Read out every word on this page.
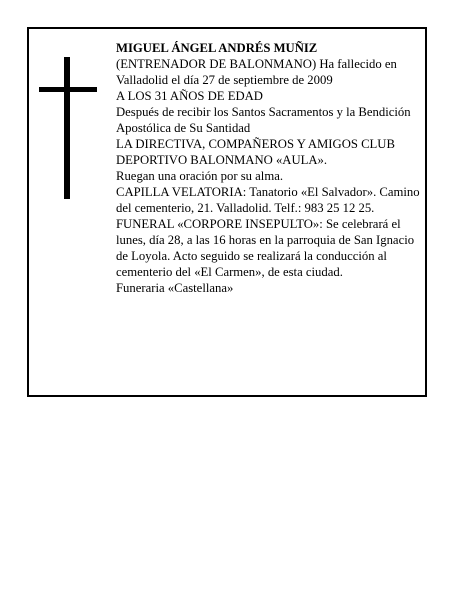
MIGUEL ÁNGEL ANDRÉS MUÑIZ

(ENTRENADOR DE BALONMANO) Ha fallecido en Valladolid el día 27 de septiembre de 2009

A LOS 31 AÑOS DE EDAD

Después de recibir los Santos Sacramentos y la Bendición Apostólica de Su Santidad

LA DIRECTIVA, COMPAÑEROS Y AMIGOS CLUB DEPORTIVO BALONMANO «AULA».

Ruegan una oración por su alma.

CAPILLA VELATORIA: Tanatorio «El Salvador». Camino del cementerio, 21. Valladolid. Telf.: 983 25 12 25.

FUNERAL «CORPORE INSEPULTO»: Se celebrará el lunes, día 28, a las 16 horas en la parroquia de San Ignacio de Loyola. Acto seguido se realizará la conducción al cementerio del «El Carmen», de esta ciudad.

Funeraria «Castellana»
